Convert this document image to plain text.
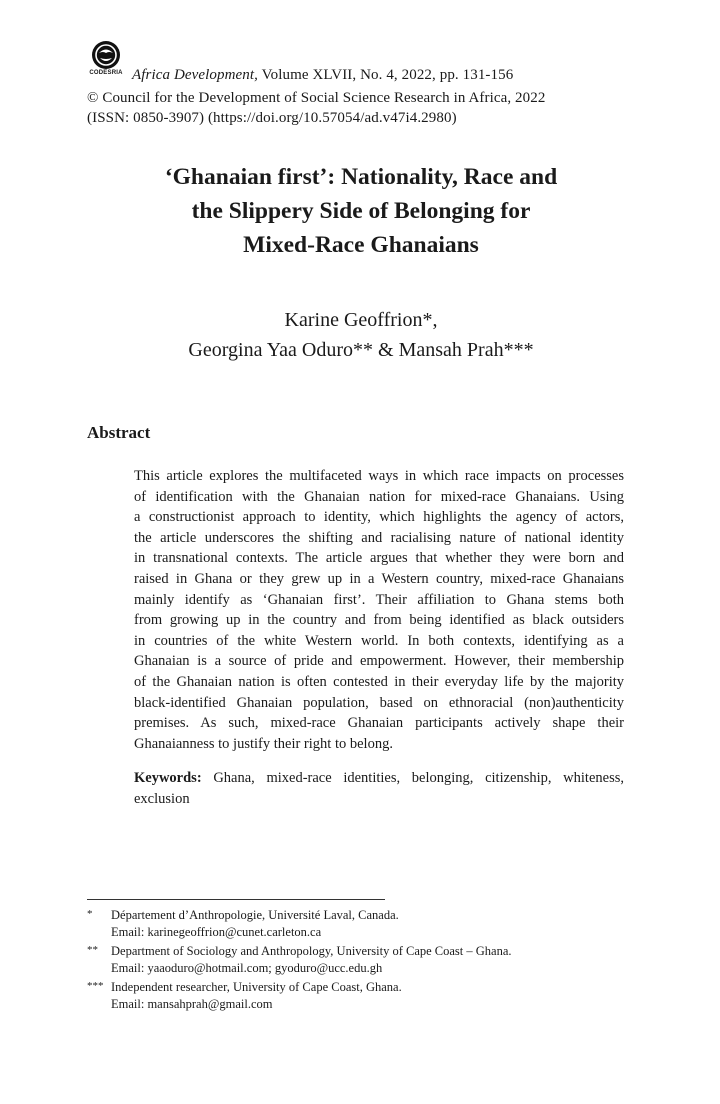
CODESRIA Africa Development, Volume XLVII, No. 4, 2022, pp. 131-156
© Council for the Development of Social Science Research in Africa, 2022
(ISSN: 0850-3907) (https://doi.org/10.57054/ad.v47i4.2980)
‘Ghanaian first’: Nationality, Race and
the Slippery Side of Belonging for
Mixed-Race Ghanaians
Karine Geoffrion*,
Georgina Yaa Oduro** & Mansah Prah***
Abstract
This article explores the multifaceted ways in which race impacts on processes
of identification with the Ghanaian nation for mixed-race Ghanaians. Using
a constructionist approach to identity, which highlights the agency of actors,
the article underscores the shifting and racialising nature of national identity
in transnational contexts. The article argues that whether they were born and
raised in Ghana or they grew up in a Western country, mixed-race Ghanaians
mainly identify as ‘Ghanaian first’. Their affiliation to Ghana stems both
from growing up in the country and from being identified as black outsiders
in countries of the white Western world. In both contexts, identifying as a
Ghanaian is a source of pride and empowerment. However, their membership
of the Ghanaian nation is often contested in their everyday life by the majority
black-identified Ghanaian population, based on ethnoracial (non)authenticity
premises. As such, mixed-race Ghanaian participants actively shape their
Ghanaianness to justify their right to belong.
Keywords: Ghana, mixed-race identities, belonging, citizenship, whiteness,
exclusion
* Département d’Anthropologie, Université Laval, Canada.
Email: karinegeoffrion@cunet.carleton.ca
** Department of Sociology and Anthropology, University of Cape Coast – Ghana.
Email: yaaoduro@hotmail.com; gyoduro@ucc.edu.gh
*** Independent researcher, University of Cape Coast, Ghana.
Email: mansahprah@gmail.com
